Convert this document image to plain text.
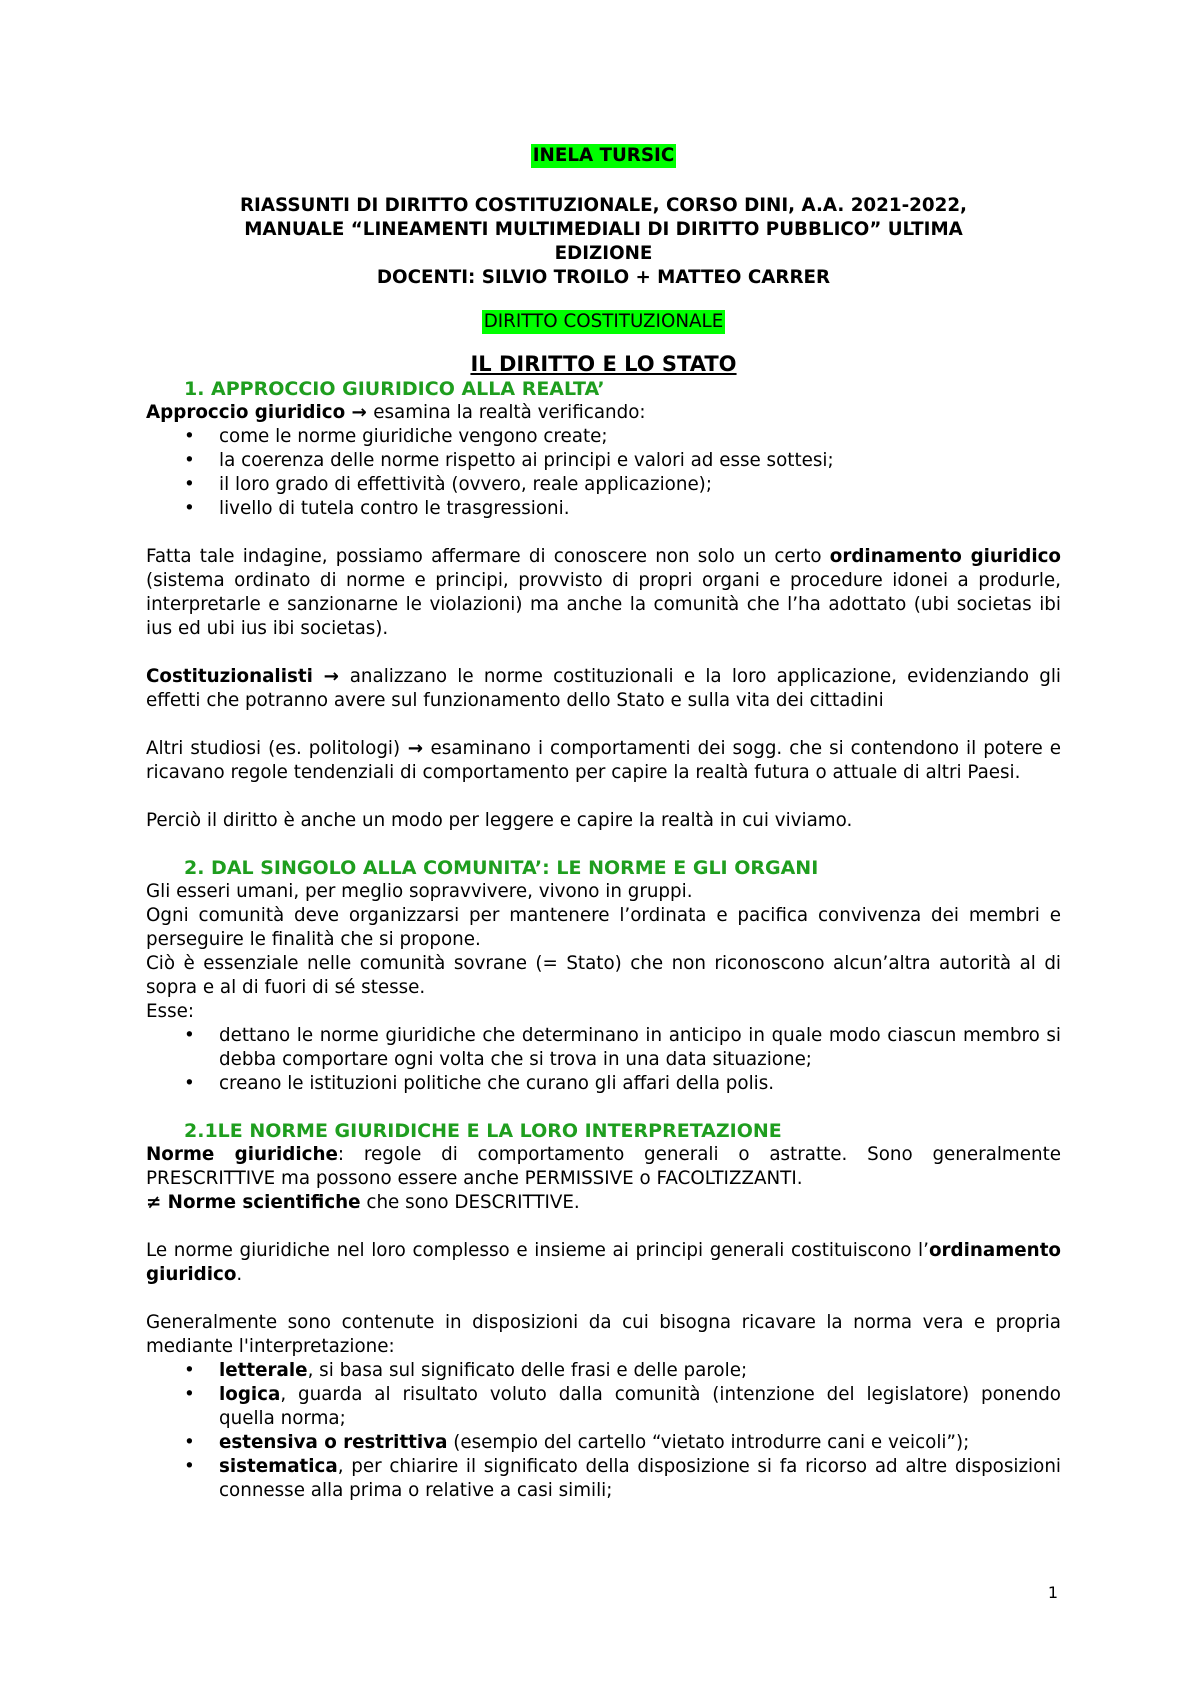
INELA TURSIC

RIASSUNTI DI DIRITTO COSTITUZIONALE, CORSO DINI, A.A. 2021-2022,
MANUALE “LINEAMENTI MULTIMEDIALI DI DIRITTO PUBBLICO” ULTIMA
EDIZIONE
DOCENTI: SILVIO TROILO + MATTEO CARRER

DIRITTO COSTITUZIONALE

IL DIRITTO E LO STATO
1. APPROCCIO GIURIDICO ALLA REALTA’

Approccio giuridico → esamina la realtà verificando:

• come le norme giuridiche vengono create;
• la coerenza delle norme rispetto ai principi e valori ad esse sottesi;
• il loro grado di effettività (ovvero, reale applicazione);
• livello di tutela contro le trasgressioni.

Fatta tale indagine, possiamo affermare di conoscere non solo un certo ordinamento giuridico (sistema ordinato di norme e principi, provvisto di propri organi e procedure idonei a produrle, interpretarle e sanzionarne le violazioni) ma anche la comunità che l’ha adottato (ubi societas ibi ius ed ubi ius ibi societas).

Costituzionalisti → analizzano le norme costituzionali e la loro applicazione, evidenziando gli effetti che potranno avere sul funzionamento dello Stato e sulla vita dei cittadini

Altri studiosi (es. politologi) → esaminano i comportamenti dei sogg. che si contendono il potere e ricavano regole tendenziali di comportamento per capire la realtà futura o attuale di altri Paesi.

Perciò il diritto è anche un modo per leggere e capire la realtà in cui viviamo.

2. DAL SINGOLO ALLA COMUNITA’: LE NORME E GLI ORGANI

Gli esseri umani, per meglio sopravvivere, vivono in gruppi.

Ogni comunità deve organizzarsi per mantenere l’ordinata e pacifica convivenza dei membri e perseguire le finalità che si propone.

Ciò è essenziale nelle comunità sovrane (= Stato) che non riconoscono alcun’altra autorità al di sopra e al di fuori di sé stesse.

Esse:

• dettano le norme giuridiche che determinano in anticipo in quale modo ciascun membro si debba comportare ogni volta che si trova in una data situazione;
• creano le istituzioni politiche che curano gli affari della polis.
2.1LE NORME GIURIDICHE E LA LORO INTERPRETAZIONE

Norme giuridiche: regole di comportamento generali o astratte. Sono generalmente PRESCRITTIVE ma possono essere anche PERMISSIVE o FACOLTIZZANTI.

≠ Norme scientifiche che sono DESCRITTIVE.

Le norme giuridiche nel loro complesso e insieme ai principi generali costituiscono l’ordinamento giuridico.

Generalmente sono contenute in disposizioni da cui bisogna ricavare la norma vera e propria mediante l'interpretazione:

• letterale, si basa sul significato delle frasi e delle parole;
• logica, guarda al risultato voluto dalla comunità (intenzione del legislatore) ponendo quella norma;
• estensiva o restrittiva (esempio del cartello “vietato introdurre cani e veicoli”);
• sistematica, per chiarire il significato della disposizione si fa ricorso ad altre disposizioni connesse alla prima o relative a casi simili;
1
